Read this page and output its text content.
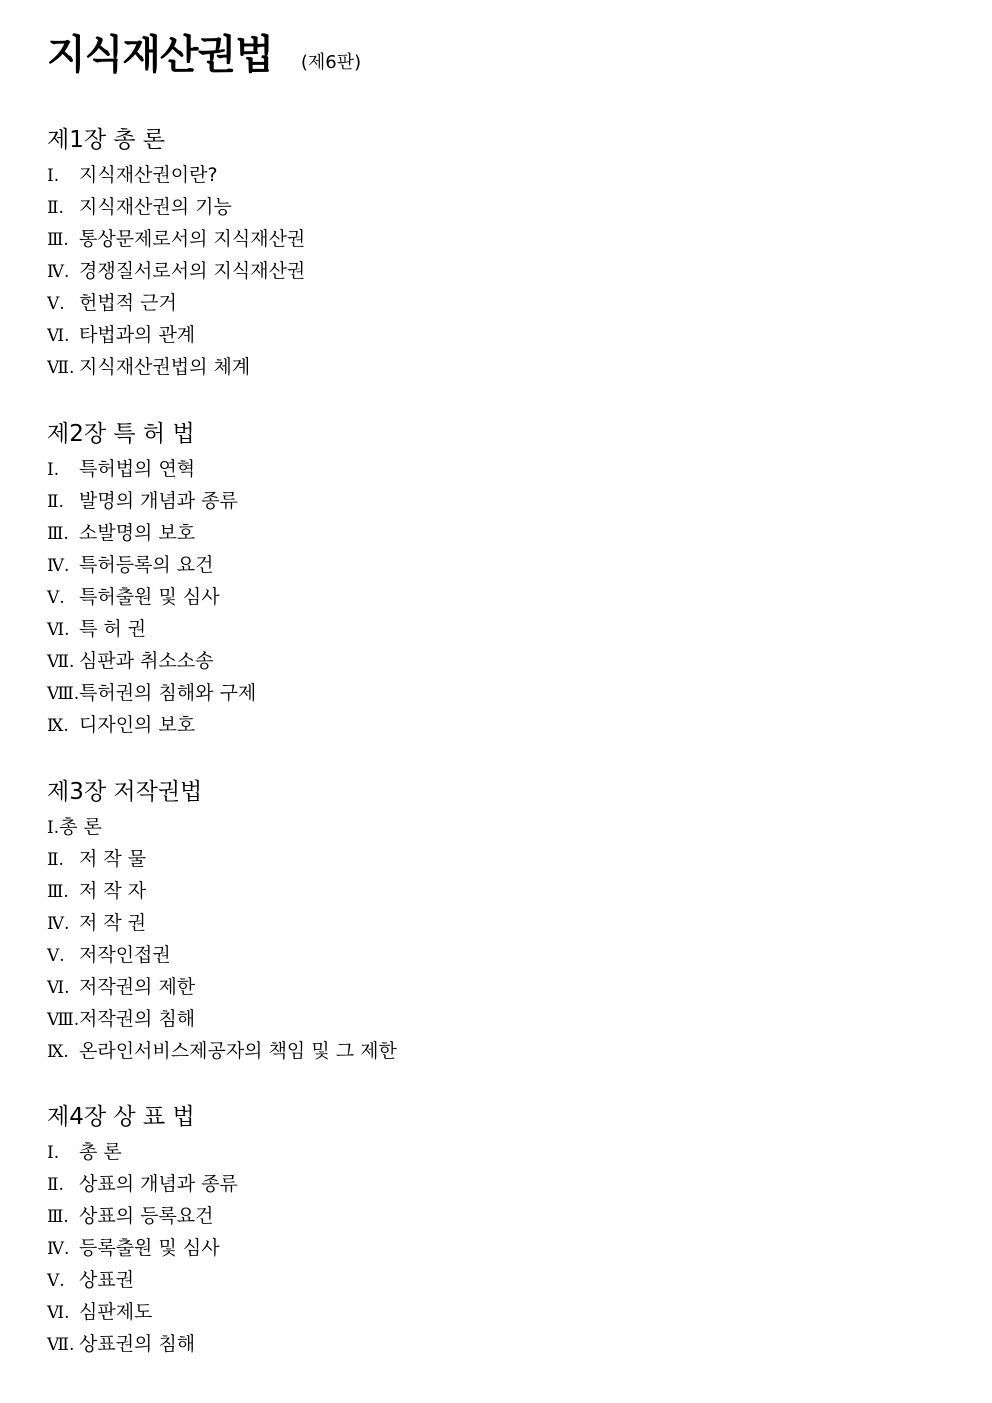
지식재산권법 (제6판)
제1장 총 론
Ⅰ. 지식재산권이란?
Ⅱ. 지식재산권의 기능
Ⅲ. 통상문제로서의 지식재산권
Ⅳ. 경쟁질서로서의 지식재산권
Ⅴ. 헌법적 근거
Ⅵ. 타법과의 관계
Ⅶ. 지식재산권법의 체계
제2장 특 허 법
Ⅰ. 특허법의 연혁
Ⅱ. 발명의 개념과 종류
Ⅲ. 소발명의 보호
Ⅳ. 특허등록의 요건
Ⅴ. 특허출원 및 심사
Ⅵ. 특 허 권
Ⅶ. 심판과 취소소송
Ⅷ.특허권의 침해와 구제
Ⅸ. 디자인의 보호
제3장 저작권법
Ⅰ.총 론
Ⅱ. 저 작 물
Ⅲ. 저 작 자
Ⅳ. 저 작 권
Ⅴ. 저작인접권
Ⅵ. 저작권의 제한
Ⅷ.저작권의 침해
Ⅸ. 온라인서비스제공자의 책임 및 그 제한
제4장 상 표 법
Ⅰ. 총 론
Ⅱ. 상표의 개념과 종류
Ⅲ. 상표의 등록요건
Ⅳ. 등록출원 및 심사
Ⅴ. 상표권
Ⅵ. 심판제도
Ⅶ. 상표권의 침해
